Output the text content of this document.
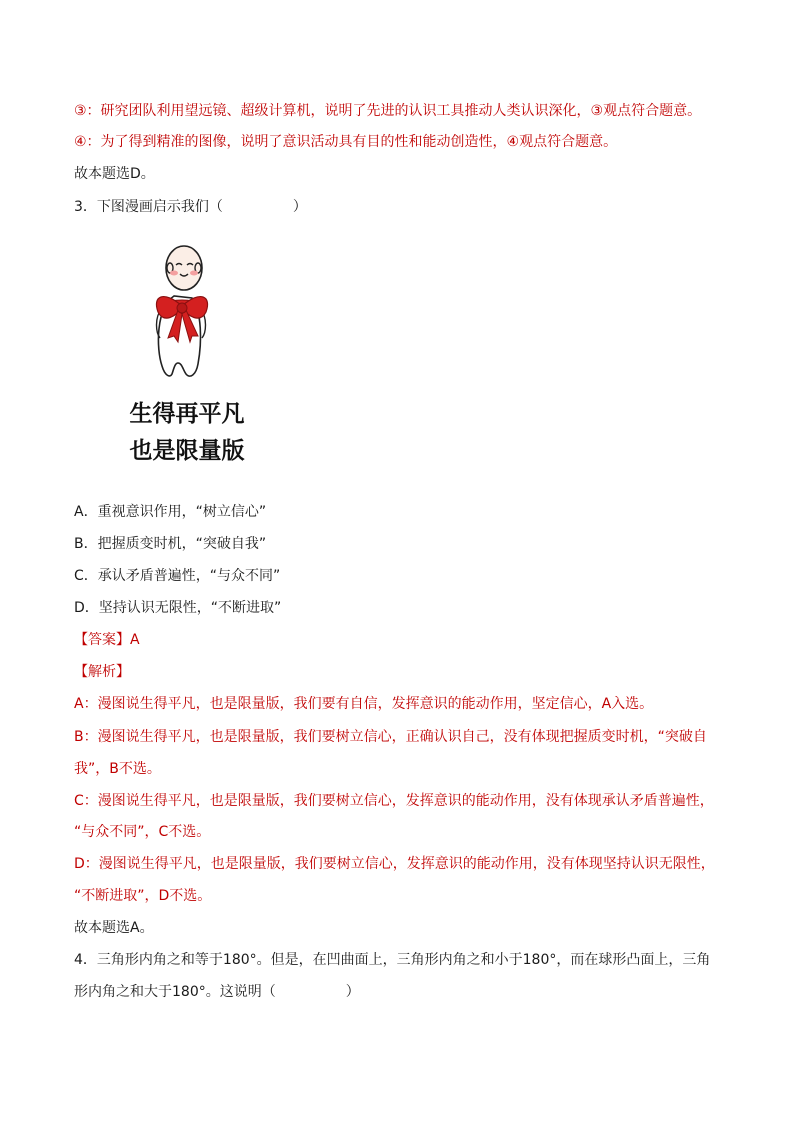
③：研究团队利用望远镜、超级计算机，说明了先进的认识工具推动人类认识深化，③观点符合题意。
④：为了得到精准的图像，说明了意识活动具有目的性和能动创造性，④观点符合题意。
故本题选D。
3．下图漫画启示我们（　　　　　）
生得再平凡
也是限量版
A．重视意识作用，“树立信心”
B．把握质变时机，“突破自我”
C．承认矛盾普遍性，“与众不同”
D．坚持认识无限性，“不断进取”
【答案】A
【解析】
A：漫图说生得平凡，也是限量版，我们要有自信，发挥意识的能动作用，坚定信心，A入选。
B：漫图说生得平凡，也是限量版，我们要树立信心，正确认识自己，没有体现把握质变时机，“突破自
我”，B不选。
C：漫图说生得平凡，也是限量版，我们要树立信心，发挥意识的能动作用，没有体现承认矛盾普遍性，
“与众不同”，C不选。
D：漫图说生得平凡，也是限量版，我们要树立信心，发挥意识的能动作用，没有体现坚持认识无限性，
“不断进取”，D不选。
故本题选A。
4．三角形内角之和等于180°。但是，在凹曲面上，三角形内角之和小于180°，而在球形凸面上，三角
形内角之和大于180°。这说明（　　　　　）
